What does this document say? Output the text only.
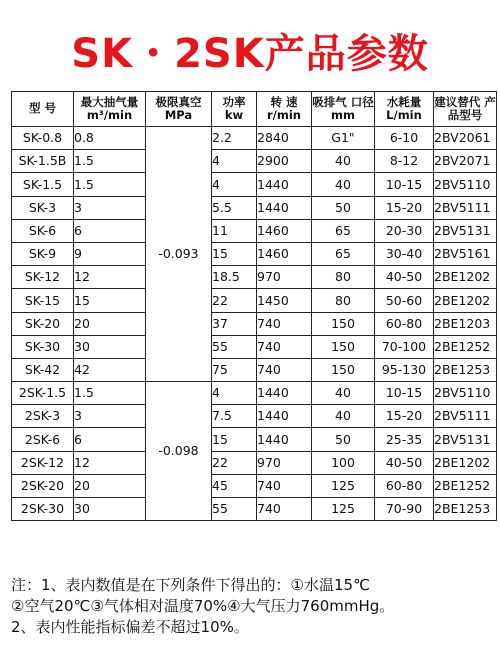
SK・2SK产品参数
型 号	最大抽气量 m³/min	极限真空 MPa	功率 kw	转 速 r/min	吸排气 口径mm	水耗量 L/min	建议替代 产品型号
SK-0.8	0.8	-0.093	2.2	2840	G1"	6-10	2BV2061
SK-1.5B	1.5		4	2900	40	8-12	2BV2071
SK-1.5	1.5		4	1440	40	10-15	2BV5110
SK-3	3		5.5	1440	50	15-20	2BV5111
SK-6	6		11	1460	65	20-30	2BV5131
SK-9	9		15	1460	65	30-40	2BV5161
SK-12	12		18.5	970	80	40-50	2BE1202
SK-15	15		22	1450	80	50-60	2BE1202
SK-20	20		37	740	150	60-80	2BE1203
SK-30	30		55	740	150	70-100	2BE1252
SK-42	42		75	740	150	95-130	2BE1253
2SK-1.5	1.5	-0.098	4	1440	40	10-15	2BV5110
2SK-3	3		7.5	1440	40	15-20	2BV5111
2SK-6	6		15	1440	50	25-35	2BV5131
2SK-12	12		22	970	100	40-50	2BE1202
2SK-20	20		45	740	125	60-80	2BE1252
2SK-30	30		55	740	125	70-90	2BE1253
注：1、表内数值是在下列条件下得出的：①水温15℃
②空气20℃③气体相对温度70%④大气压力760mmHg。
2、表内性能指标偏差不超过10%。
